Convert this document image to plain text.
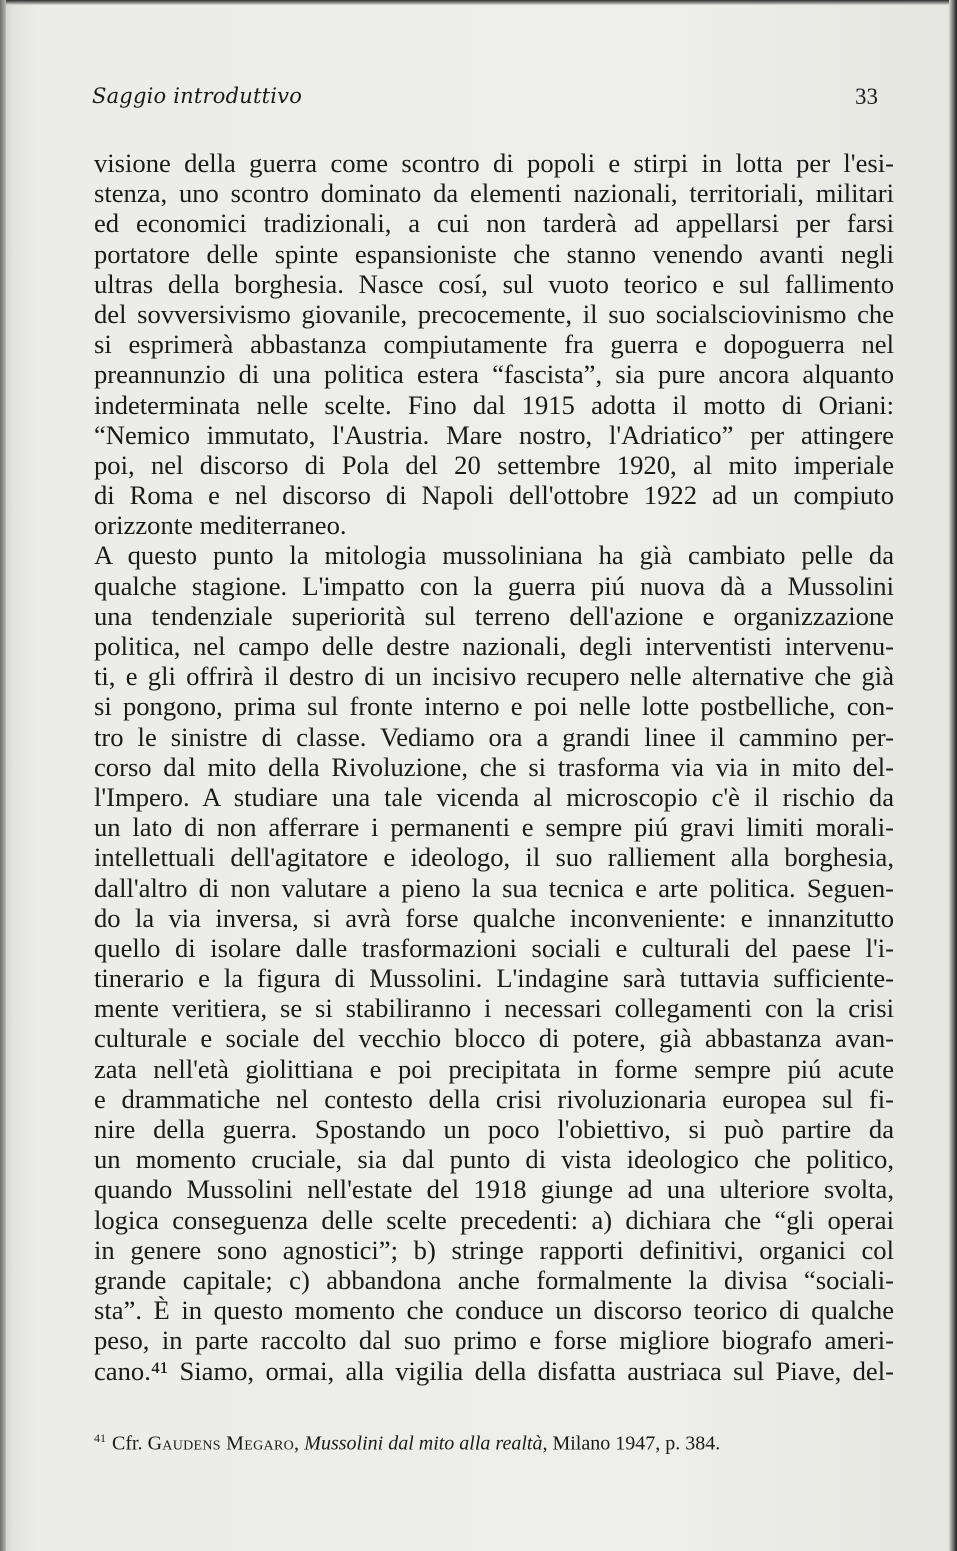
Saggio introduttivo	33
visione della guerra come scontro di popoli e stirpi in lotta per l'esi-
stenza, uno scontro dominato da elementi nazionali, territoriali, militari
ed economici tradizionali, a cui non tarderà ad appellarsi per farsi
portatore delle spinte espansioniste che stanno venendo avanti negli
ultras della borghesia. Nasce cosí, sul vuoto teorico e sul fallimento
del sovversivismo giovanile, precocemente, il suo socialsciovinismo che
si esprimerà abbastanza compiutamente fra guerra e dopoguerra nel
preannunzio di una politica estera “fascista”, sia pure ancora alquanto
indeterminata nelle scelte. Fino dal 1915 adotta il motto di Oriani:
“Nemico immutato, l'Austria. Mare nostro, l'Adriatico” per attingere
poi, nel discorso di Pola del 20 settembre 1920, al mito imperiale
di Roma e nel discorso di Napoli dell'ottobre 1922 ad un compiuto
orizzonte mediterraneo.
A questo punto la mitologia mussoliniana ha già cambiato pelle da
qualche stagione. L'impatto con la guerra piú nuova dà a Mussolini
una tendenziale superiorità sul terreno dell'azione e organizzazione
politica, nel campo delle destre nazionali, degli interventisti intervenu-
ti, e gli offrirà il destro di un incisivo recupero nelle alternative che già
si pongono, prima sul fronte interno e poi nelle lotte postbelliche, con-
tro le sinistre di classe. Vediamo ora a grandi linee il cammino per-
corso dal mito della Rivoluzione, che si trasforma via via in mito del-
l'Impero. A studiare una tale vicenda al microscopio c'è il rischio da
un lato di non afferrare i permanenti e sempre piú gravi limiti morali-
intellettuali dell'agitatore e ideologo, il suo ralliement alla borghesia,
dall'altro di non valutare a pieno la sua tecnica e arte politica. Seguen-
do la via inversa, si avrà forse qualche inconveniente: e innanzitutto
quello di isolare dalle trasformazioni sociali e culturali del paese l'i-
tinerario e la figura di Mussolini. L'indagine sarà tuttavia sufficiente-
mente veritiera, se si stabiliranno i necessari collegamenti con la crisi
culturale e sociale del vecchio blocco di potere, già abbastanza avan-
zata nell'età giolittiana e poi precipitata in forme sempre piú acute
e drammatiche nel contesto della crisi rivoluzionaria europea sul fi-
nire della guerra. Spostando un poco l'obiettivo, si può partire da
un momento cruciale, sia dal punto di vista ideologico che politico,
quando Mussolini nell'estate del 1918 giunge ad una ulteriore svolta,
logica conseguenza delle scelte precedenti: a) dichiara che “gli operai
in genere sono agnostici”; b) stringe rapporti definitivi, organici col
grande capitale; c) abbandona anche formalmente la divisa “sociali-
sta”. È in questo momento che conduce un discorso teorico di qualche
peso, in parte raccolto dal suo primo e forse migliore biografo ameri-
cano.⁴¹ Siamo, ormai, alla vigilia della disfatta austriaca sul Piave, del-
$^{41}$ Cfr. Gaudens Megaro, Mussolini dal mito alla realtà, Milano 1947, p. 384.
